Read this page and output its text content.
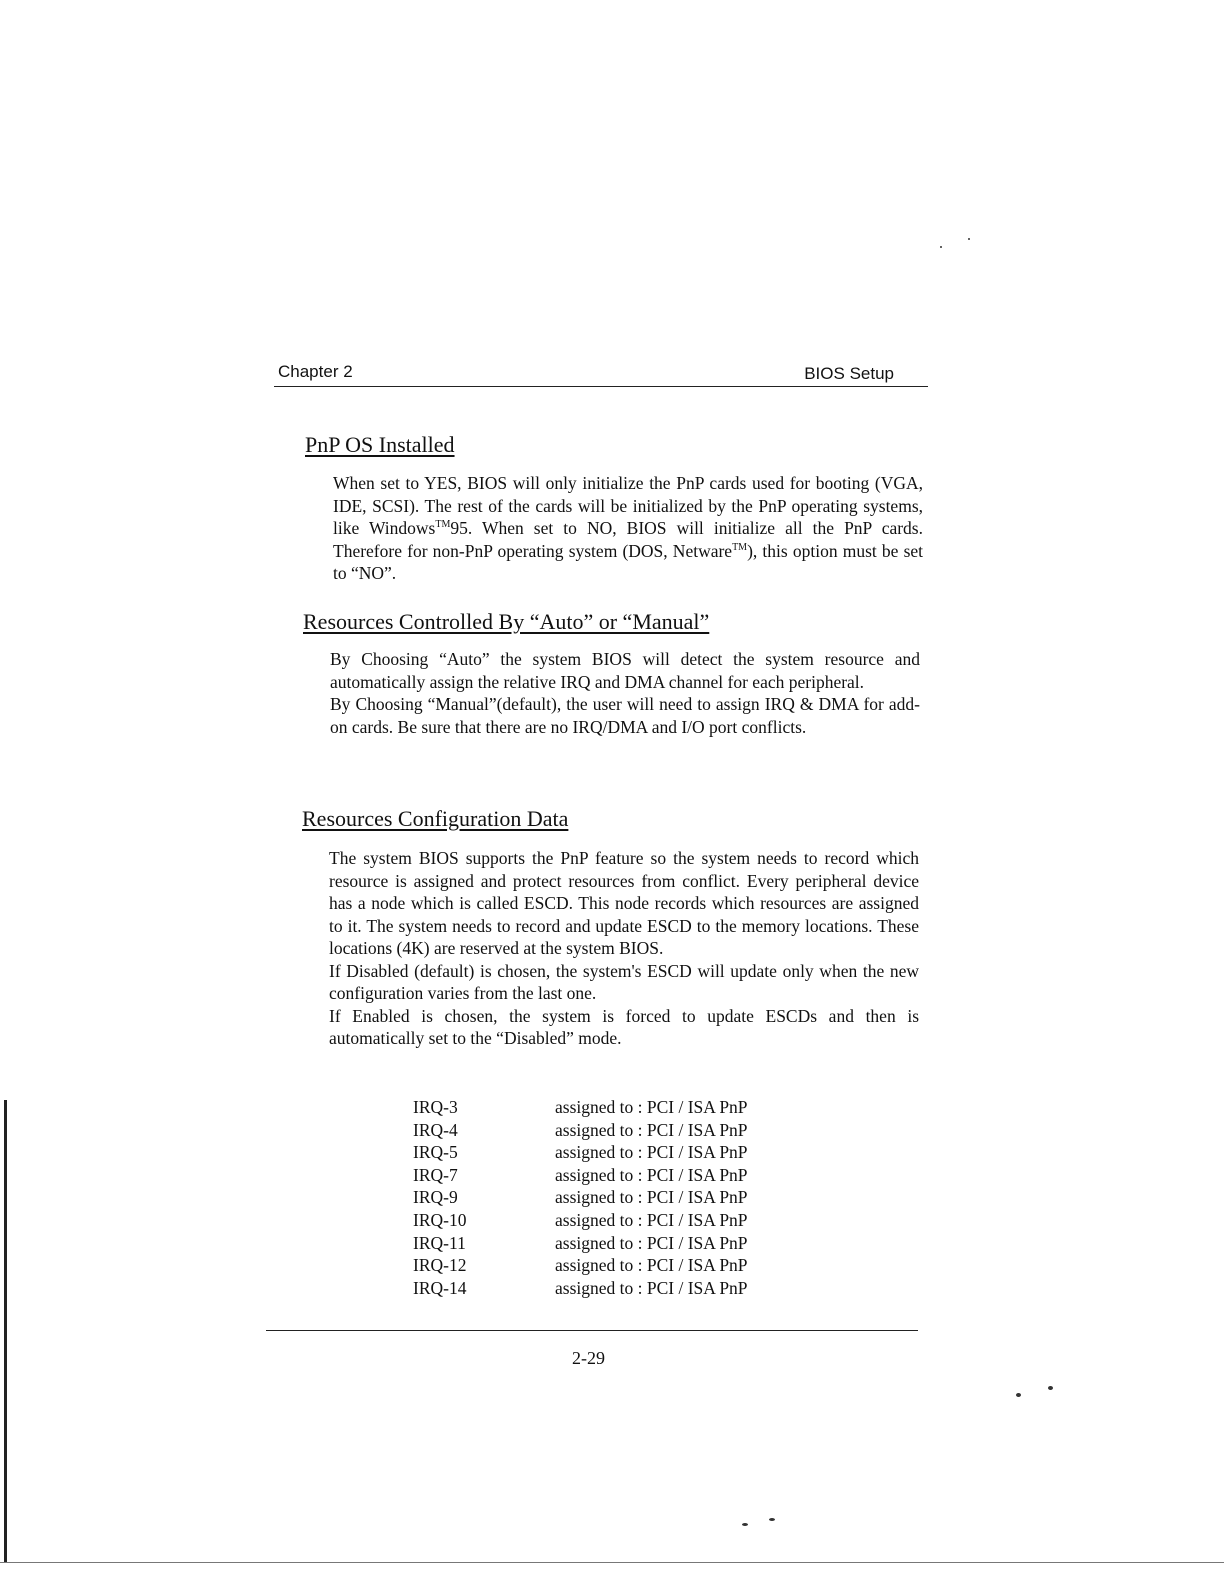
Chapter 2	BIOS Setup
PnP OS Installed
When set to YES, BIOS will only initialize the PnP cards used for booting (VGA, IDE, SCSI). The rest of the cards will be initialized by the PnP operating systems, like Windows™95. When set to NO, BIOS will initialize all the PnP cards. Therefore for non-PnP operating system (DOS, Netware™), this option must be set to “NO”.
Resources Controlled By “Auto” or “Manual”

By Choosing “Auto” the system BIOS will detect the system resource and automatically assign the relative IRQ and DMA channel for each peripheral.

By Choosing “Manual”(default), the user will need to assign IRQ & DMA for add-on cards. Be sure that there are no IRQ/DMA and I/O port conflicts.

Resources Configuration Data

The system BIOS supports the PnP feature so the system needs to record which resource is assigned and protect resources from conflict. Every peripheral device has a node which is called ESCD. This node records which resources are assigned to it. The system needs to record and update ESCD to the memory locations. These locations (4K) are reserved at the system BIOS.

If Disabled (default) is chosen, the system's ESCD will update only when the new configuration varies from the last one.

If Enabled is chosen, the system is forced to update ESCDs and then is automatically set to the “Disabled” mode.

IRQ-3	assigned to : PCI / ISA PnP
IRQ-4	assigned to : PCI / ISA PnP
IRQ-5	assigned to : PCI / ISA PnP
IRQ-7	assigned to : PCI / ISA PnP
IRQ-9	assigned to : PCI / ISA PnP
IRQ-10	assigned to : PCI / ISA PnP
IRQ-11	assigned to : PCI / ISA PnP
IRQ-12	assigned to : PCI / ISA PnP
IRQ-14	assigned to : PCI / ISA PnP
2-29
